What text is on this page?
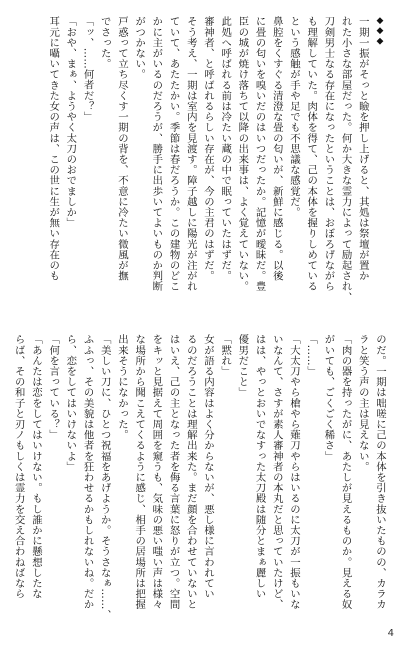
◆◆◆
一期一振がそっと瞼を押し上げると、其処は祭壇が置か
れた小さな部屋だった。何か大きな霊力によって励起され、
刀剣男士なる存在になったということは、おぼろげながら
も理解していた。肉体を得て、己の本体を握りしめている
という感触が手や足でも不思議な感覚だ。
鼻腔をくすぐる清澄な畳の匂いが、新鮮に感じる。以後
に畳の匂いを嗅いだのはいつだったか。記憶が曖昧だ。豊
臣の城が焼け落ちて以降の出来事は、よく覚えていない。
此処へ呼ばれる前は冷たい蔵の中で眠っていたはずだ。
審神者、と呼ばれるらしい存在が、今の主君のはずだ。
そう考え、一期は室内を見渡す。障子越しに陽光が注がれ
ていて、あたたかい。季節は春だろうか。この建物のどこ
かに主がいるのだろうが、勝手に出歩いてよいものか判断
がつかない。
戸惑って立ち尽くす一期の背を、不意に冷たい微風が撫
でさった。
「ッ、……何者だ？」
「おや、まぁ、ようやく太刀のおでましか」
耳元に囁いてきた女の声は、この世に生が無い存在のも
のだ。一期は咄嗟に己の本体を引き抜いたものの、カラカ
ラと笑う声の主は見えない。
「肉の器を持ったがに、あたしが見えるものか。見える奴
がいても、ごくごく稀さ」
「……」
「大太刀やら槍やら薙刀やらはいるのに太刀が一振もいな
いなんて、さすが素人審神者の本丸だと思っていたけど、
はは、やっとおいでなすった太刀殿は随分とまぁ麗しい
優男だこと」
「黙れ」
女が語る内容はよく分からないが、悪し様に言われてい
るのだろうことは理解出来た。まだ顔を合わせていないと
はいえ、己の主となった者を侮る言葉に怒りが立つ。空間
をキッと見据えて周囲を窺うも、気味の悪い嗤い声は様々
な場所から聞こえてくるように感じ、相手の居場所は把握
出来そうになかった。
「美しい刀に、ひとつ祝福をあげようか。そうさなぁ……、
ふふっ、その美貌は他者を狂わせるかもしれないね。だか
ら、恋をしてはいけないよ」
「何を言っている？」
「あんたは恋をしてはいけない。もし誰かに懸想したな
らば、その和子と刃ノもしくは霊力を交え合わねばなら
4
